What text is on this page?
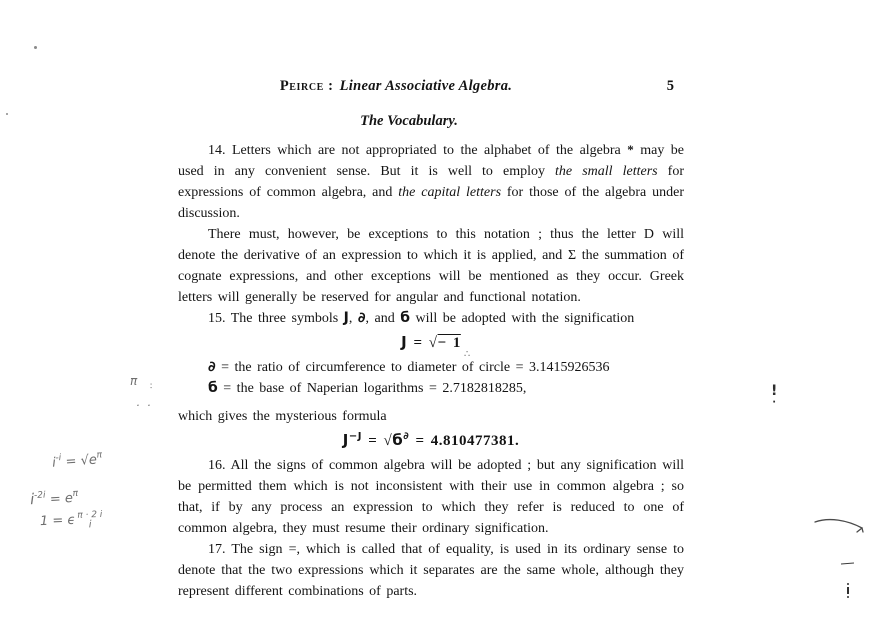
Peirce : Linear Associative Algebra.	5
The Vocabulary.

14. Letters which are not appropriated to the alphabet of the algebra * may be used in any convenient sense. But it is well to employ the small letters for expressions of common algebra, and the capital letters for those of the algebra under discussion.

There must, however, be exceptions to this notation ; thus the letter D will denote the derivative of an expression to which it is applied, and Σ the summation of cognate expressions, and other exceptions will be mentioned as they occur. Greek letters will generally be reserved for angular and functional notation.

15. The three symbols J, ∂, and б will be adopted with the signification

J = √− 1

∂ = the ratio of circumference to diameter of circle = 3.1415926536

б = the base of Naperian logarithms = 2.7182818285,

which gives the mysterious formula

$J^{-J} = √б^\partial = 4.810477381$.

16. All the signs of common algebra will be adopted ; but any signification will be permitted them which is not inconsistent with their use in common algebra ; so that, if by any process an expression to which they refer is reduced to one of common algebra, they must resume their ordinary signification.

17. The sign =, which is called that of equality, is used in its ordinary sense to denote that the two expressions which it separates are the same whole, although they represent different combinations of parts.

$i^{-i} = √e^\pi$
$i^{-2i} = e^\pi$
1 = ϵ π · 2 i
i
π ∶
· ·
∴
!
·
